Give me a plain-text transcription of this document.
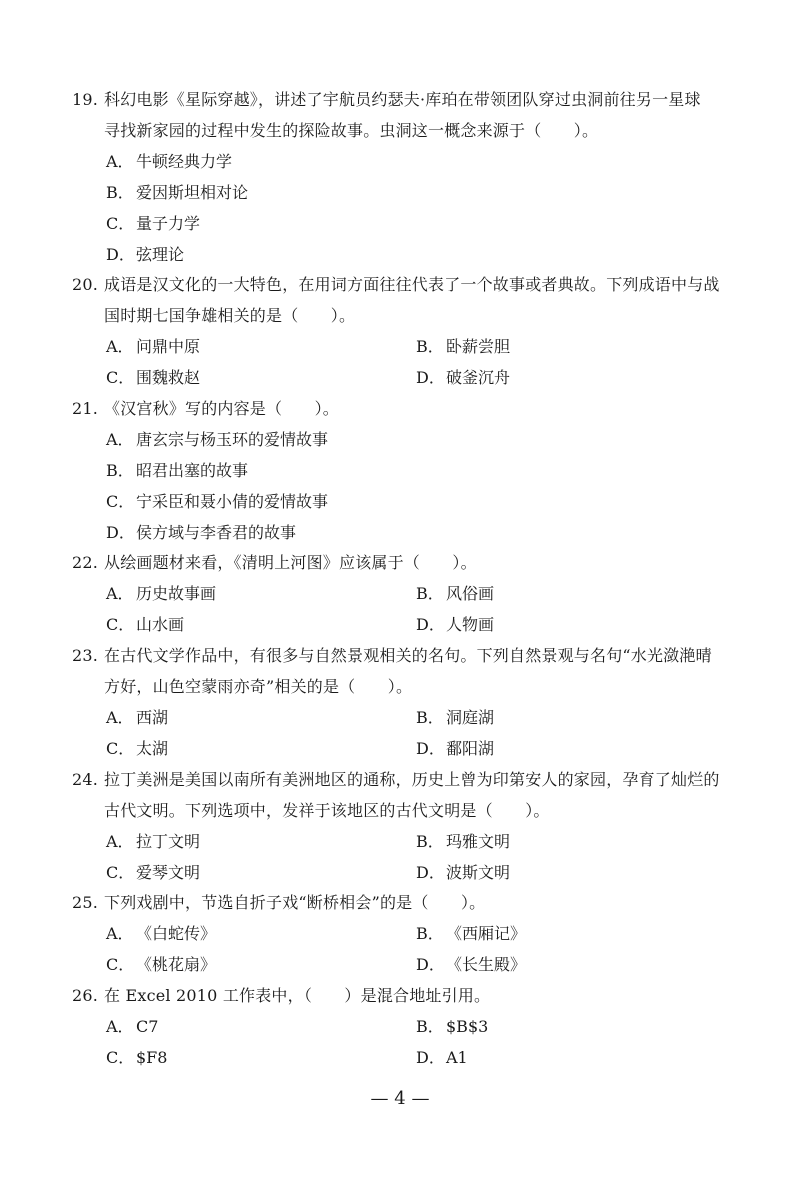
19. 科幻电影《星际穿越》，讲述了宇航员约瑟夫·库珀在带领团队穿过虫洞前往另一星球
寻找新家园的过程中发生的探险故事。虫洞这一概念来源于（　　）。
A． 牛顿经典力学
B． 爱因斯坦相对论
C． 量子力学
D．弦理论
20. 成语是汉文化的一大特色，在用词方面往往代表了一个故事或者典故。下列成语中与战
国时期七国争雄相关的是（　　）。
A． 问鼎中原	B． 卧薪尝胆
C． 围魏救赵	D．破釜沉舟
21. 《汉宫秋》写的内容是（　　）。
A． 唐玄宗与杨玉环的爱情故事
B． 昭君出塞的故事
C． 宁采臣和聂小倩的爱情故事
D．侯方域与李香君的故事
22. 从绘画题材来看，《清明上河图》应该属于（　　）。
A． 历史故事画	B． 风俗画
C． 山水画	D．人物画
23. 在古代文学作品中，有很多与自然景观相关的名句。下列自然景观与名句“水光潋滟晴
方好，山色空蒙雨亦奇”相关的是（　　）。
A． 西湖	B． 洞庭湖
C． 太湖	D．鄱阳湖
24. 拉丁美洲是美国以南所有美洲地区的通称，历史上曾为印第安人的家园，孕育了灿烂的
古代文明。下列选项中，发祥于该地区的古代文明是（　　）。
A． 拉丁文明	B． 玛雅文明
C． 爱琴文明	D．波斯文明
25. 下列戏剧中，节选自折子戏“断桥相会”的是（　　）。
A． 《白蛇传》	B． 《西厢记》
C． 《桃花扇》	D．《长生殿》
26. 在 Excel 2010 工作表中，（　　）是混合地址引用。
A． C7	B． $B$3
C． $F8	D．A1
— 4 —
